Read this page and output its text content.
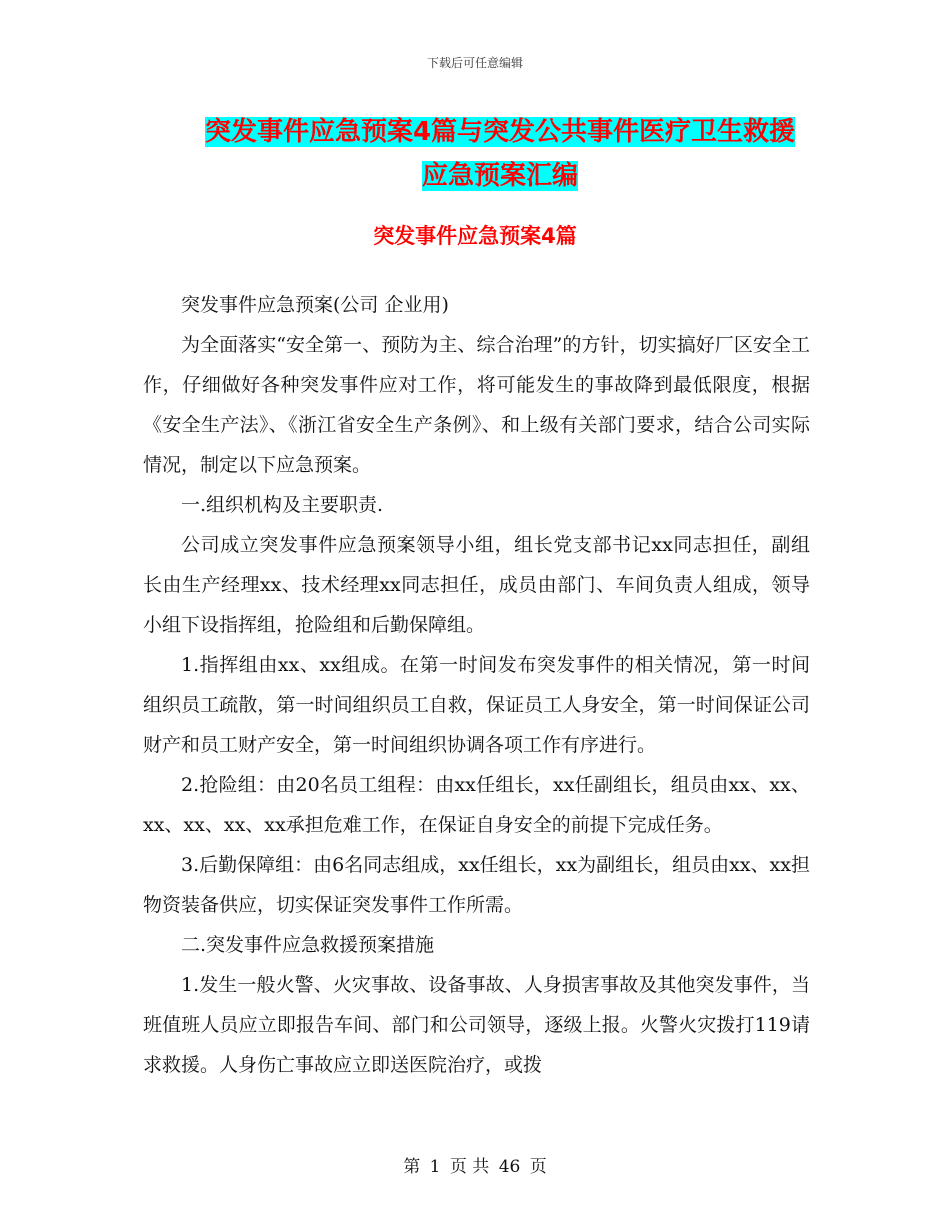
下载后可任意编辑
突发事件应急预案4篇与突发公共事件医疗卫生救援
应急预案汇编
突发事件应急预案4篇

突发事件应急预案(公司 企业用)

为全面落实“安全第一、预防为主、综合治理”的方针，切实搞好厂区安全工作，仔细做好各种突发事件应对工作，将可能发生的事故降到最低限度，根据《安全生产法》、《浙江省安全生产条例》、和上级有关部门要求，结合公司实际情况，制定以下应急预案。

一.组织机构及主要职责.

公司成立突发事件应急预案领导小组，组长党支部书记xx同志担任，副组长由生产经理xx、技术经理xx同志担任，成员由部门、车间负责人组成，领导小组下设指挥组，抢险组和后勤保障组。

1.指挥组由xx、xx组成。在第一时间发布突发事件的相关情况，第一时间组织员工疏散，第一时间组织员工自救，保证员工人身安全，第一时间保证公司财产和员工财产安全，第一时间组织协调各项工作有序进行。

2.抢险组：由20名员工组程：由xx任组长，xx任副组长，组员由xx、xx、xx、xx、xx、xx承担危难工作，在保证自身安全的前提下完成任务。

3.后勤保障组：由6名同志组成，xx任组长，xx为副组长，组员由xx、xx担物资装备供应，切实保证突发事件工作所需。

二.突发事件应急救援预案措施

1.发生一般火警、火灾事故、设备事故、人身损害事故及其他突发事件，当班值班人员应立即报告车间、部门和公司领导，逐级上报。火警火灾拨打119请求救援。人身伤亡事故应立即送医院治疗，或拨

第 1 页 共 46 页
